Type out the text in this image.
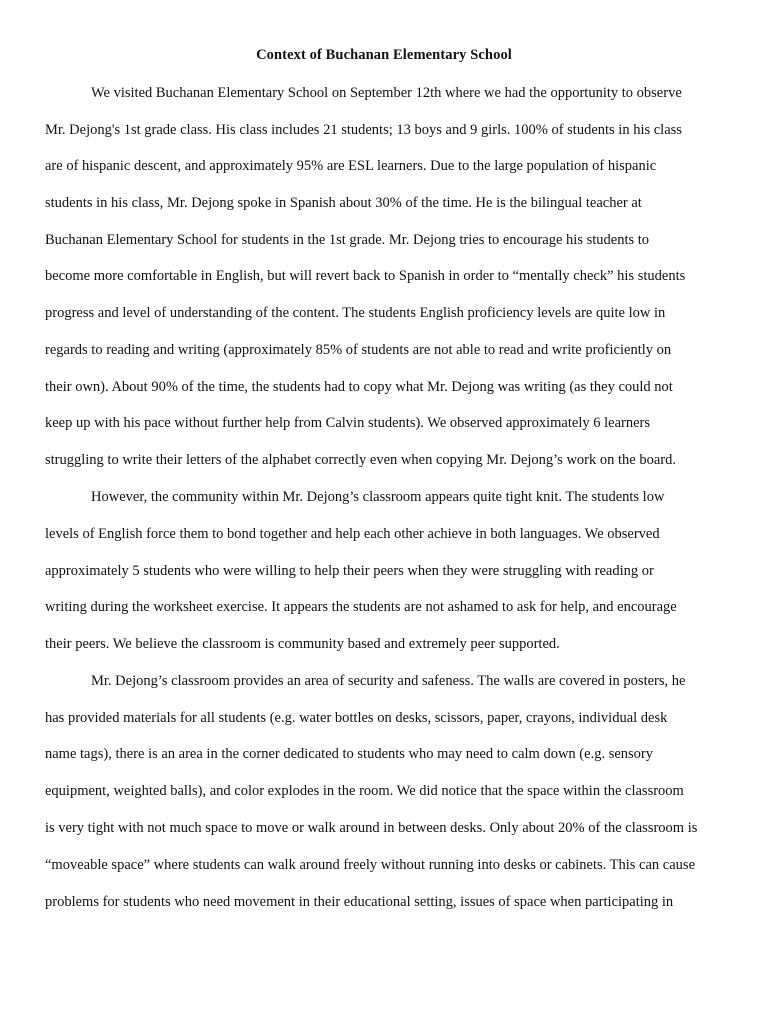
Context of Buchanan Elementary School
We visited Buchanan Elementary School on September 12th where we had the opportunity to observe
Mr. Dejong's 1st grade class. His class includes 21 students; 13 boys and 9 girls. 100% of students in his class
are of hispanic descent, and approximately 95% are ESL learners. Due to the large population of hispanic
students in his class, Mr. Dejong spoke in Spanish about 30% of the time. He is the bilingual teacher at
Buchanan Elementary School for students in the 1st grade. Mr. Dejong tries to encourage his students to
become more comfortable in English, but will revert back to Spanish in order to “mentally check” his students
progress and level of understanding of the content. The students English proficiency levels are quite low in
regards to reading and writing (approximately 85% of students are not able to read and write proficiently on
their own). About 90% of the time, the students had to copy what Mr. Dejong was writing (as they could not
keep up with his pace without further help from Calvin students). We observed approximately 6 learners
struggling to write their letters of the alphabet correctly even when copying Mr. Dejong’s work on the board.
However, the community within Mr. Dejong’s classroom appears quite tight knit. The students low
levels of English force them to bond together and help each other achieve in both languages. We observed
approximately 5 students who were willing to help their peers when they were struggling with reading or
writing during the worksheet exercise. It appears the students are not ashamed to ask for help, and encourage
their peers. We believe the classroom is community based and extremely peer supported.
Mr. Dejong’s classroom provides an area of security and safeness. The walls are covered in posters, he
has provided materials for all students (e.g. water bottles on desks, scissors, paper, crayons, individual desk
name tags), there is an area in the corner dedicated to students who may need to calm down (e.g. sensory
equipment, weighted balls), and color explodes in the room. We did notice that the space within the classroom
is very tight with not much space to move or walk around in between desks. Only about 20% of the classroom is
“moveable space” where students can walk around freely without running into desks or cabinets. This can cause
problems for students who need movement in their educational setting, issues of space when participating in
